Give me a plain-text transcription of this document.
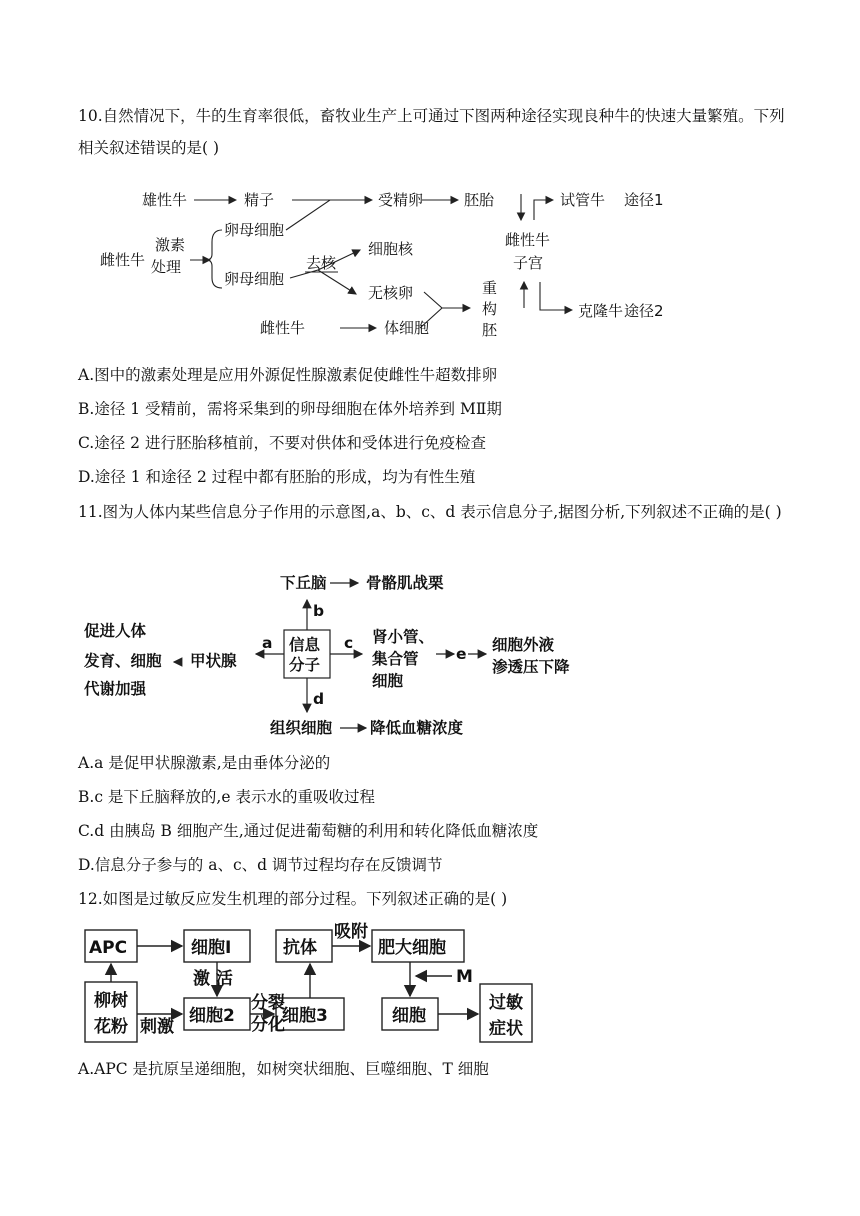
10.自然情况下，牛的生育率很低，畜牧业生产上可通过下图两种途径实现良种牛的快速大量繁殖。下列相关叙述错误的是( )
雄性牛	精子	受精卵	胚胎	试管牛 途径1
雌性牛
激素
处理
卵母细胞
卵母细胞
去核
细胞核
无核卵
雌性牛
子宫
重
构
胚
克隆牛 途径2
雌性牛	体细胞
A.图中的激素处理是应用外源促性腺激素促使雌性牛超数排卵
B.途径 1 受精前，需将采集到的卵母细胞在体外培养到 MⅡ期
C.途径 2 进行胚胎移植前，不要对供体和受体进行免疫检查
D.途径 1 和途径 2 过程中都有胚胎的形成，均为有性生殖
11.图为人体内某些信息分子作用的示意图,a、b、c、d 表示信息分子,据图分析,下列叙述不正确的是( )
下丘脑	骨骼肌战栗
b
信息
分子
a
甲状腺
促进人体
发育、细胞
代谢加强
c 肾小管、
集合管
细胞
e 细胞外液
渗透压下降
d
组织细胞 降低血糖浓度
A.a 是促甲状腺激素,是由垂体分泌的
B.c 是下丘脑释放的,e 表示水的重吸收过程
C.d 由胰岛 B 细胞产生,通过促进葡萄糖的利用和转化降低血糖浓度
D.信息分子参与的 a、c、d 调节过程均存在反馈调节
12.如图是过敏反应发生机理的部分过程。下列叙述正确的是( )
APC	细胞Ⅰ
激 活
柳树
花粉 刺激
细胞2
分裂
分化
细胞3
抗体
吸附
肥大细胞
M
细胞
过敏
症状
A.APC 是抗原呈递细胞，如树突状细胞、巨噬细胞、T 细胞
